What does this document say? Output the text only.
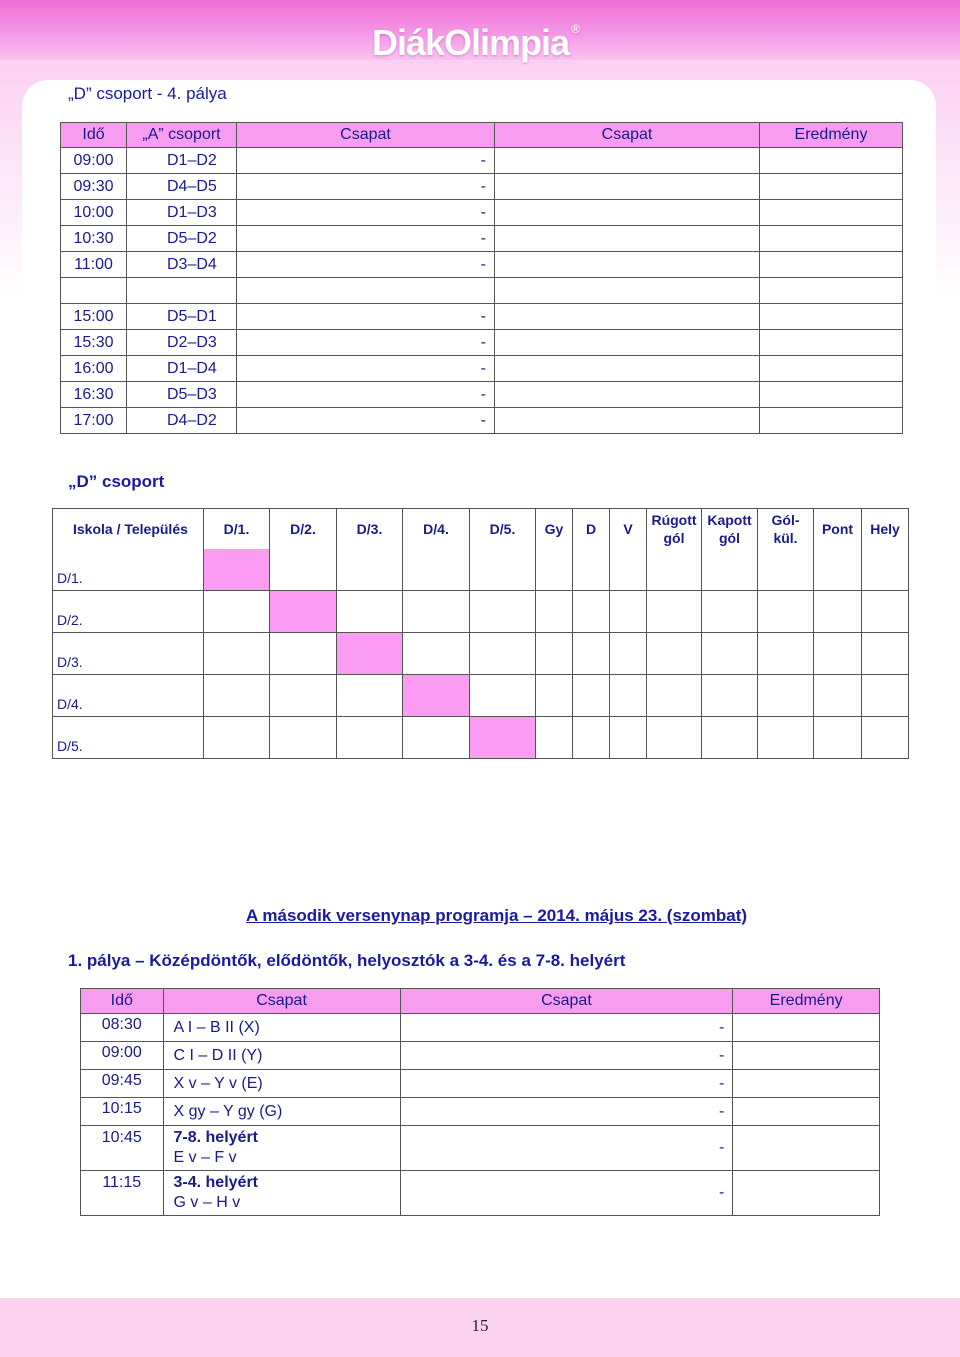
DiákOlimpia ®
„D” csoport - 4. pálya
Idő	„A” csoport	Csapat	Csapat	Eredmény
09:00	D1–D2	-		
09:30	D4–D5	-		
10:00	D1–D3	-		
10:30	D5–D2	-		
11:00	D3–D4	-		

15:00	D5–D1	-		
15:30	D2–D3	-		
16:00	D1–D4	-		
16:30	D5–D3	-		
17:00	D4–D2	-		
„D” csoport
Iskola / Település	D/1.	D/2.	D/3.	D/4.	D/5.	Gy	D	V	Rúgott
gól	Kapott
gól	Gól-
kül.	Pont	Hely
D/1.													
D/2.													
D/3.													
D/4.													
D/5.													
A második versenynap programja – 2014. május 23. (szombat)
1. pálya – Középdöntők, elődöntők, helyosztók a 3-4. és a 7-8. helyért
Idő	Csapat	Csapat	Eredmény
08:30	A I – B II (X)	-	
09:00	C I – D II (Y)	-	
09:45	X v – Y v (E)	-	
10:15	X gy – Y gy (G)	-	
10:45	7-8. helyért
E v – F v	-	
11:15	3-4. helyért
G v – H v	-	
15
